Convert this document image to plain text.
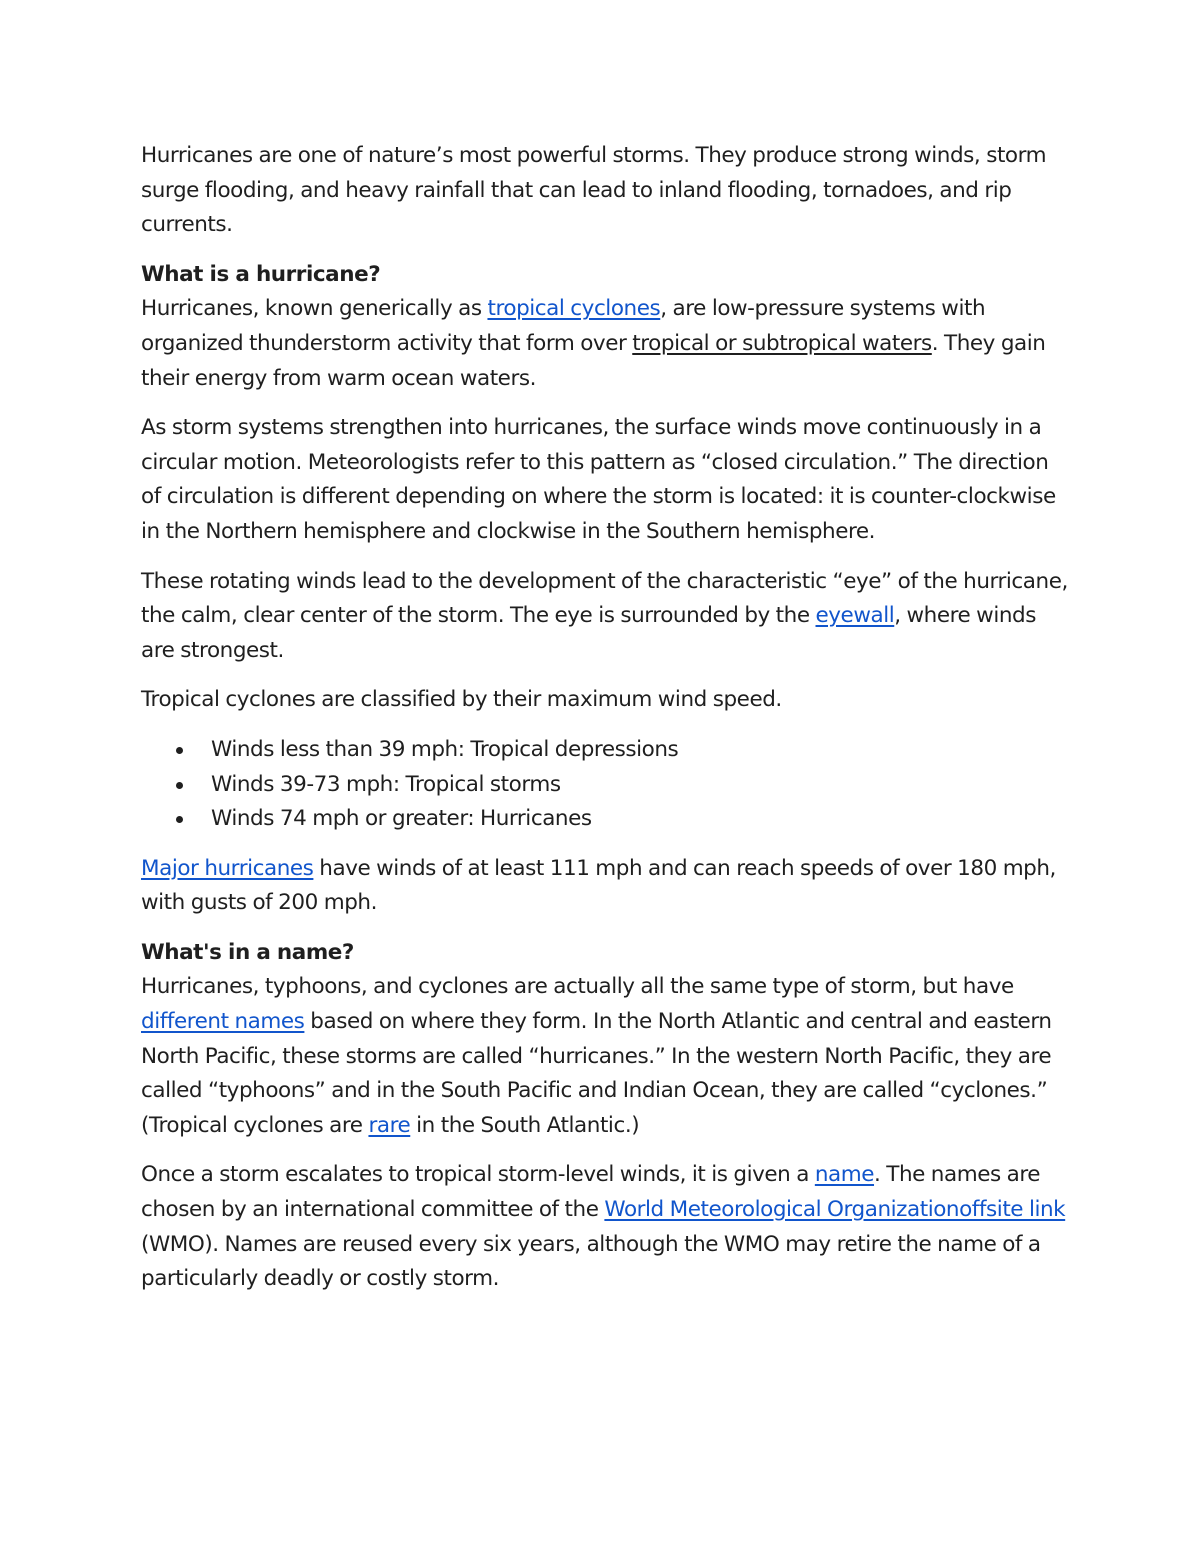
Hurricanes are one of nature’s most powerful storms. They produce strong winds, storm surge flooding, and heavy rainfall that can lead to inland flooding, tornadoes, and rip currents.

What is a hurricane?
Hurricanes, known generically as tropical cyclones, are low-pressure systems with organized thunderstorm activity that form over tropical or subtropical waters. They gain their energy from warm ocean waters.

As storm systems strengthen into hurricanes, the surface winds move continuously in a circular motion. Meteorologists refer to this pattern as “closed circulation.” The direction of circulation is different depending on where the storm is located: it is counter-clockwise in the Northern hemisphere and clockwise in the Southern hemisphere.

These rotating winds lead to the development of the characteristic “eye” of the hurricane, the calm, clear center of the storm. The eye is surrounded by the eyewall, where winds are strongest.

Tropical cyclones are classified by their maximum wind speed.

Winds less than 39 mph: Tropical depressions
Winds 39-73 mph: Tropical storms
Winds 74 mph or greater: Hurricanes

Major hurricanes have winds of at least 111 mph and can reach speeds of over 180 mph, with gusts of 200 mph.

What's in a name?
Hurricanes, typhoons, and cyclones are actually all the same type of storm, but have different names based on where they form. In the North Atlantic and central and eastern North Pacific, these storms are called “hurricanes.” In the western North Pacific, they are called “typhoons” and in the South Pacific and Indian Ocean, they are called “cyclones.” (Tropical cyclones are rare in the South Atlantic.)

Once a storm escalates to tropical storm-level winds, it is given a name. The names are chosen by an international committee of the World Meteorological Organizationoffsite link (WMO). Names are reused every six years, although the WMO may retire the name of a particularly deadly or costly storm.
